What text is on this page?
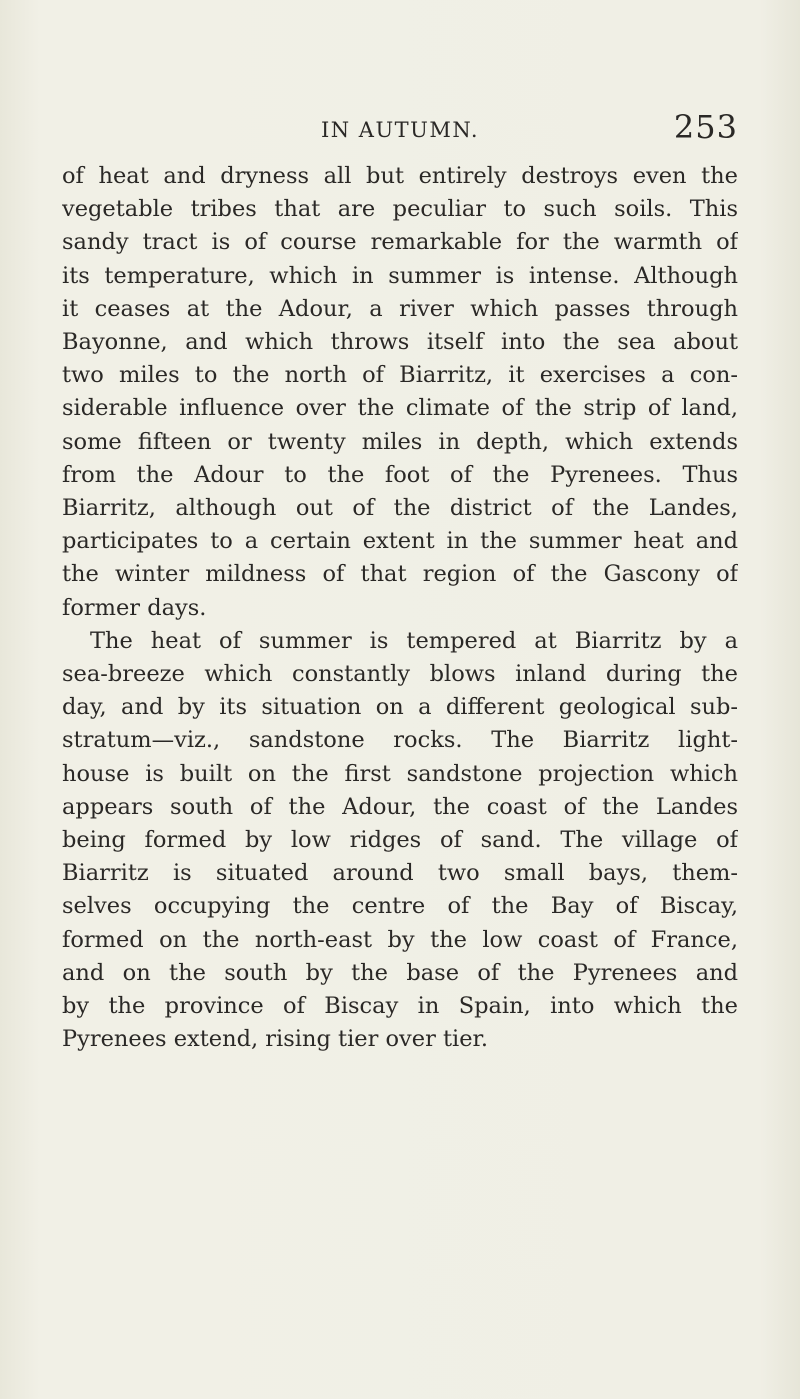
IN AUTUMN.	253
of heat and dryness all but entirely destroys even the
vegetable tribes that are peculiar to such soils. This
sandy tract is of course remarkable for the warmth of
its temperature, which in summer is intense. Although
it ceases at the Adour, a river which passes through
Bayonne, and which throws itself into the sea about
two miles to the north of Biarritz, it exercises a con-
siderable influence over the climate of the strip of land,
some fifteen or twenty miles in depth, which extends
from the Adour to the foot of the Pyrenees. Thus
Biarritz, although out of the district of the Landes,
participates to a certain extent in the summer heat and
the winter mildness of that region of the Gascony of
former days.
The heat of summer is tempered at Biarritz by a
sea-breeze which constantly blows inland during the
day, and by its situation on a different geological sub-
stratum—viz., sandstone rocks. The Biarritz light-
house is built on the first sandstone projection which
appears south of the Adour, the coast of the Landes
being formed by low ridges of sand. The village of
Biarritz is situated around two small bays, them-
selves occupying the centre of the Bay of Biscay,
formed on the north-east by the low coast of France,
and on the south by the base of the Pyrenees and
by the province of Biscay in Spain, into which the
Pyrenees extend, rising tier over tier.
